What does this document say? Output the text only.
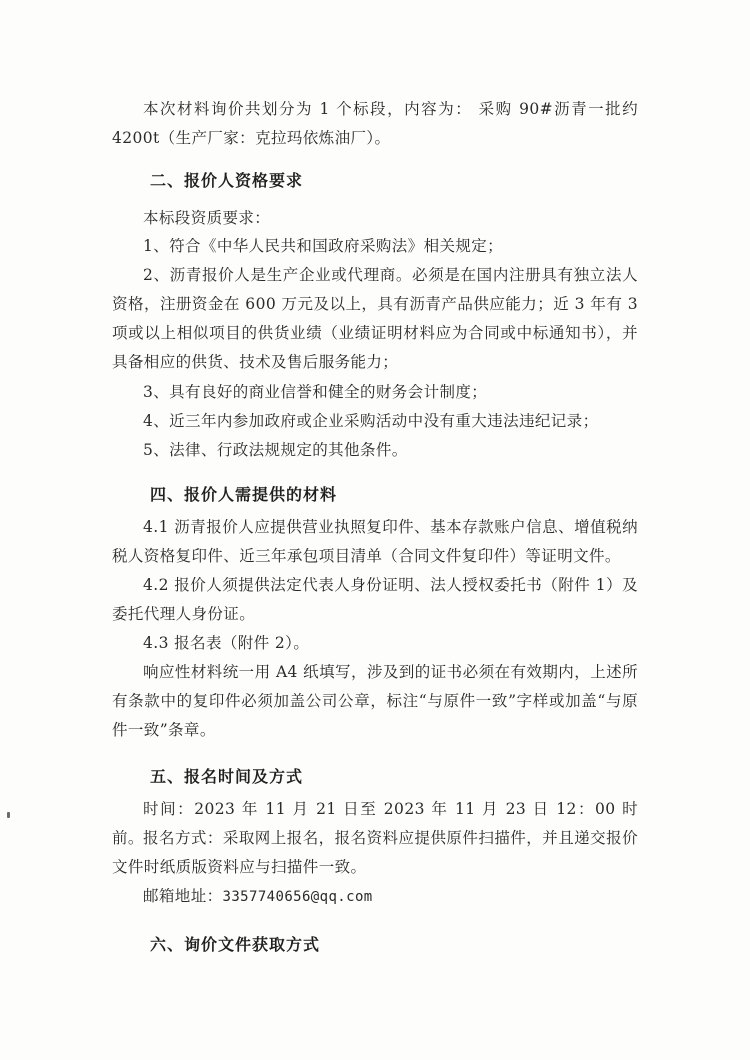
本次材料询价共划分为 1 个标段，内容为： 采购 90#沥青一批约 4200t（生产厂家：克拉玛依炼油厂）。

二、报价人资格要求

本标段资质要求：

1、符合《中华人民共和国政府采购法》相关规定；

2、沥青报价人是生产企业或代理商。必须是在国内注册具有独立法人资格，注册资金在 600 万元及以上，具有沥青产品供应能力；近 3 年有 3 项或以上相似项目的供货业绩（业绩证明材料应为合同或中标通知书），并具备相应的供货、技术及售后服务能力；

3、具有良好的商业信誉和健全的财务会计制度；

4、近三年内参加政府或企业采购活动中没有重大违法违纪记录；

5、法律、行政法规规定的其他条件。

四、报价人需提供的材料

4.1 沥青报价人应提供营业执照复印件、基本存款账户信息、增值税纳税人资格复印件、近三年承包项目清单（合同文件复印件）等证明文件。

4.2 报价人须提供法定代表人身份证明、法人授权委托书（附件 1）及委托代理人身份证。

4.3 报名表（附件 2）。

响应性材料统一用 A4 纸填写，涉及到的证书必须在有效期内，上述所有条款中的复印件必须加盖公司公章，标注“与原件一致”字样或加盖“与原件一致”条章。

五、报名时间及方式

时间：2023 年 11 月 21 日至 2023 年 11 月 23 日 12：00 时前。 报名方式：采取网上报名，报名资料应提供原件扫描件，并且递交报价文件时纸质版资料应与扫描件一致。

邮箱地址：3357740656@qq.com

六、询价文件获取方式
